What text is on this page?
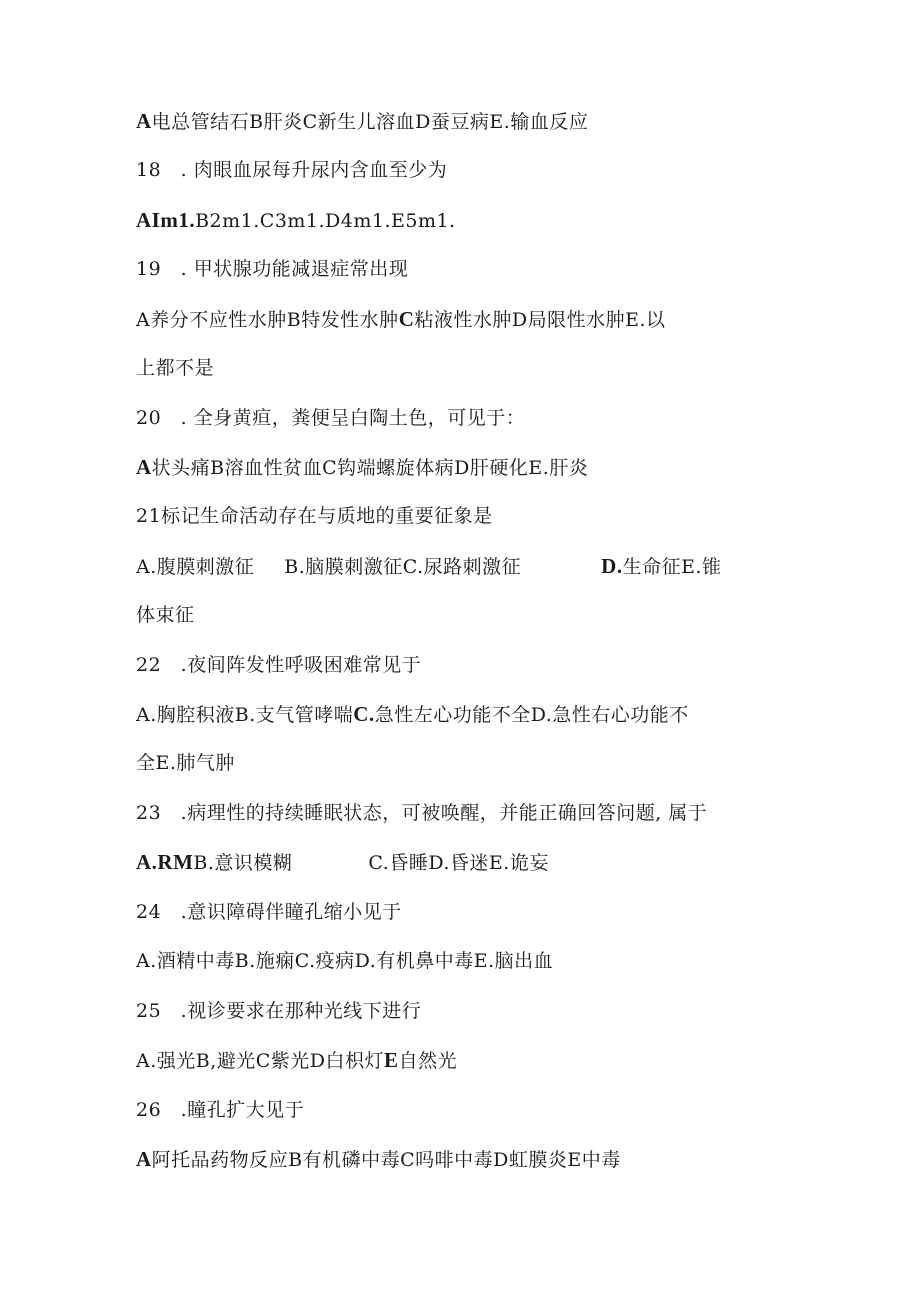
A电总管结石B肝炎C新生儿溶血D蚕豆病E.输血反应
18　. 肉眼血尿每升尿内含血至少为
AIm1.B2m1.C3m1.D4m1.E5m1.
19　. 甲状腺功能减退症常出现
A养分不应性水肿B特发性水肿C粘液性水肿D局限性水肿E.以
上都不是
20　. 全身黄疸，粪便呈白陶土色，可见于：
A状头痛B溶血性贫血C钩端螺旋体病D肝硬化E.肝炎
21标记生命活动存在与质地的重要征象是
A.腹膜刺激征 B.脑膜刺激征C.尿路刺激征	D.生命征E.锥
体束征
22　.夜间阵发性呼吸困难常见于
A.胸腔积液B.支气管哮喘C.急性左心功能不全D.急性右心功能不
全E.肺气肿
23　.病理性的持续睡眠状态，可被唤醒，并能正确回答问题, 属于
A.RMB.意识模糊	C.昏睡D.昏迷E.诡妄
24　.意识障碍伴瞳孔缩小见于
A.酒精中毒B.施痫C.疫病D.有机鼻中毒E.脑出血
25　.视诊要求在那种光线下进行
A.强光B,避光C紫光D白枳灯E自然光
26　.瞳孔扩大见于
A阿托品药物反应B有机磷中毒C吗啡中毒D虹膜炎E中毒
